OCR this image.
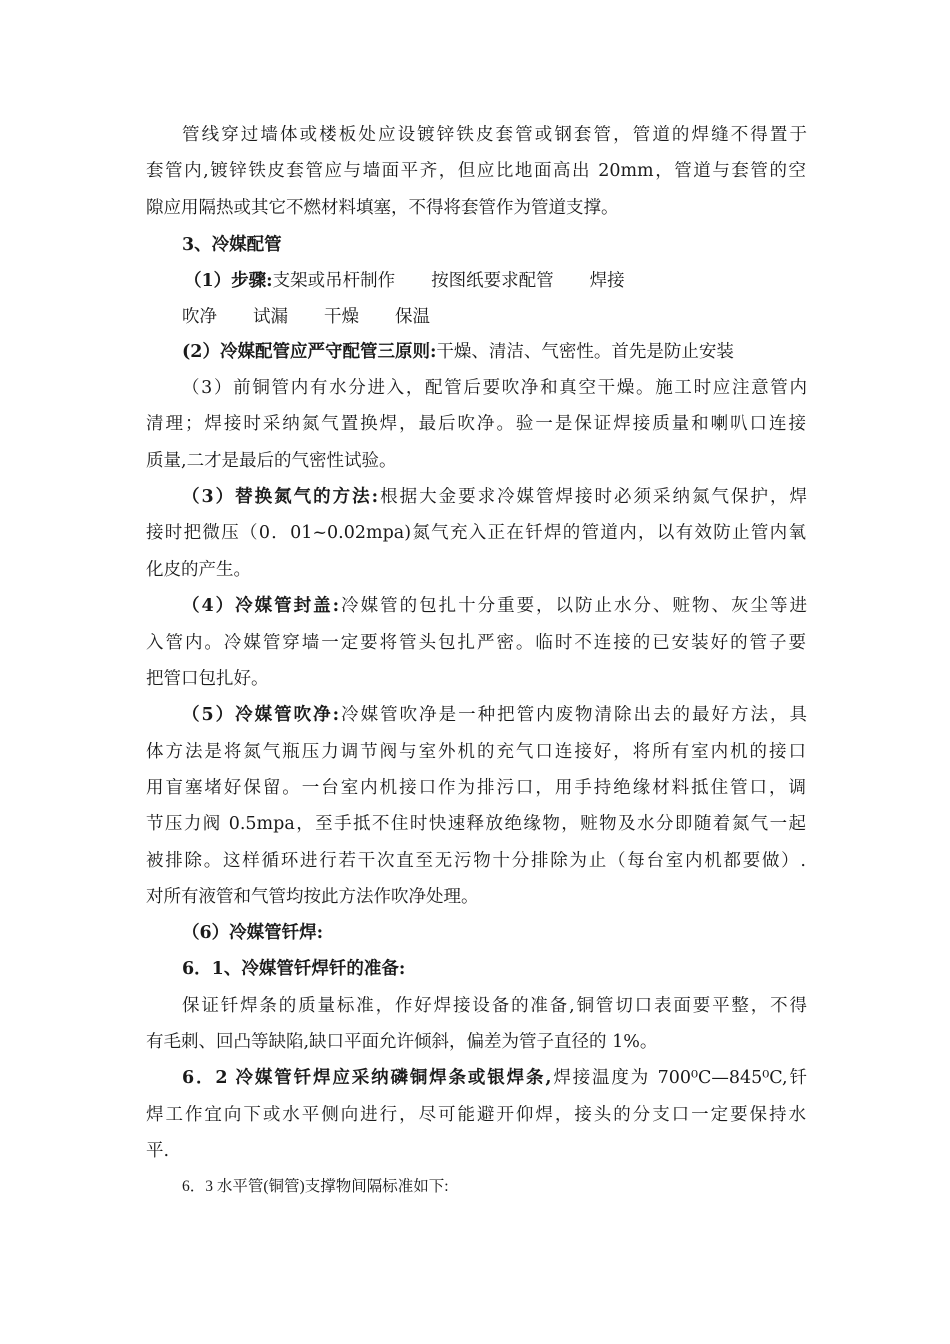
管线穿过墙体或楼板处应设镀锌铁皮套管或钢套管，管道的焊缝不得置于
套管内,镀锌铁皮套管应与墙面平齐，但应比地面高出 20mm，管道与套管的空
隙应用隔热或其它不燃材料填塞，不得将套管作为管道支撑。
3、冷媒配管
（1）步骤:支架或吊杆制作 按图纸要求配管 焊接
吹净 试漏 干燥 保温
(2）冷媒配管应严守配管三原则:干燥、清洁、气密性。首先是防止安装
（3）前铜管内有水分进入，配管后要吹净和真空干燥。施工时应注意管内
清理；焊接时采纳氮气置换焊，最后吹净。验一是保证焊接质量和喇叭口连接
质量,二才是最后的气密性试验。
（3）替换氮气的方法:根据大金要求冷媒管焊接时必须采纳氮气保护，焊
接时把微压（0．01~0.02mpa)氮气充入正在钎焊的管道内，以有效防止管内氧
化皮的产生。
（4）冷媒管封盖:冷媒管的包扎十分重要，以防止水分、赃物、灰尘等进
入管内。冷媒管穿墙一定要将管头包扎严密。临时不连接的已安装好的管子要
把管口包扎好。
（5）冷媒管吹净:冷媒管吹净是一种把管内废物清除出去的最好方法，具
体方法是将氮气瓶压力调节阀与室外机的充气口连接好，将所有室内机的接口
用盲塞堵好保留。一台室内机接口作为排污口，用手持绝缘材料抵住管口，调
节压力阀 0.5mpa，至手抵不住时快速释放绝缘物，赃物及水分即随着氮气一起
被排除。这样循环进行若干次直至无污物十分排除为止（每台室内机都要做）.
对所有液管和气管均按此方法作吹净处理。
（6）冷媒管钎焊:
6．1、冷媒管钎焊钎的准备:
保证钎焊条的质量标准，作好焊接设备的准备,铜管切口表面要平整，不得
有毛刺、回凸等缺陷,缺口平面允许倾斜，偏差为管子直径的 1%。
6．2 冷媒管钎焊应采纳磷铜焊条或银焊条,焊接温度为 700⁰C—845⁰C,钎
焊工作宜向下或水平侧向进行，尽可能避开仰焊，接头的分支口一定要保持水
平.
6．3 水平管(铜管)支撑物间隔标准如下:
